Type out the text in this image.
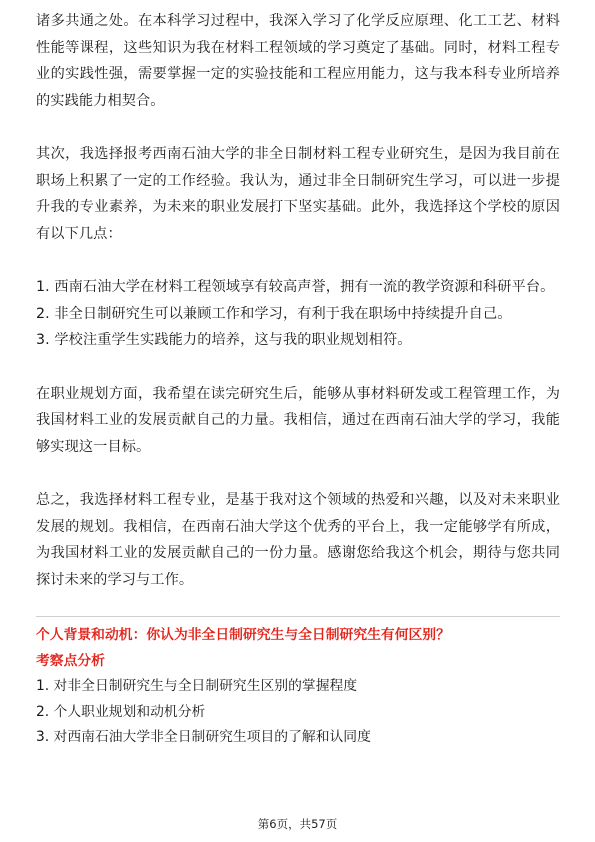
诸多共通之处。在本科学习过程中，我深入学习了化学反应原理、化工工艺、材料性能等课程，这些知识为我在材料工程领域的学习奠定了基础。同时，材料工程专业的实践性强，需要掌握一定的实验技能和工程应用能力，这与我本科专业所培养的实践能力相契合。

其次，我选择报考西南石油大学的非全日制材料工程专业研究生，是因为我目前在职场上积累了一定的工作经验。我认为，通过非全日制研究生学习，可以进一步提升我的专业素养，为未来的职业发展打下坚实基础。此外，我选择这个学校的原因有以下几点：

1. 西南石油大学在材料工程领域享有较高声誉，拥有一流的教学资源和科研平台。
2. 非全日制研究生可以兼顾工作和学习，有利于我在职场中持续提升自己。
3. 学校注重学生实践能力的培养，这与我的职业规划相符。

在职业规划方面，我希望在读完研究生后，能够从事材料研发或工程管理工作，为我国材料工业的发展贡献自己的力量。我相信，通过在西南石油大学的学习，我能够实现这一目标。

总之，我选择材料工程专业，是基于我对这个领域的热爱和兴趣，以及对未来职业发展的规划。我相信，在西南石油大学这个优秀的平台上，我一定能够学有所成，为我国材料工业的发展贡献自己的一份力量。感谢您给我这个机会，期待与您共同探讨未来的学习与工作。

个人背景和动机：你认为非全日制研究生与全日制研究生有何区别？

考察点分析

1. 对非全日制研究生与全日制研究生区别的掌握程度
2. 个人职业规划和动机分析
3. 对西南石油大学非全日制研究生项目的了解和认同度
第6页，共57页
